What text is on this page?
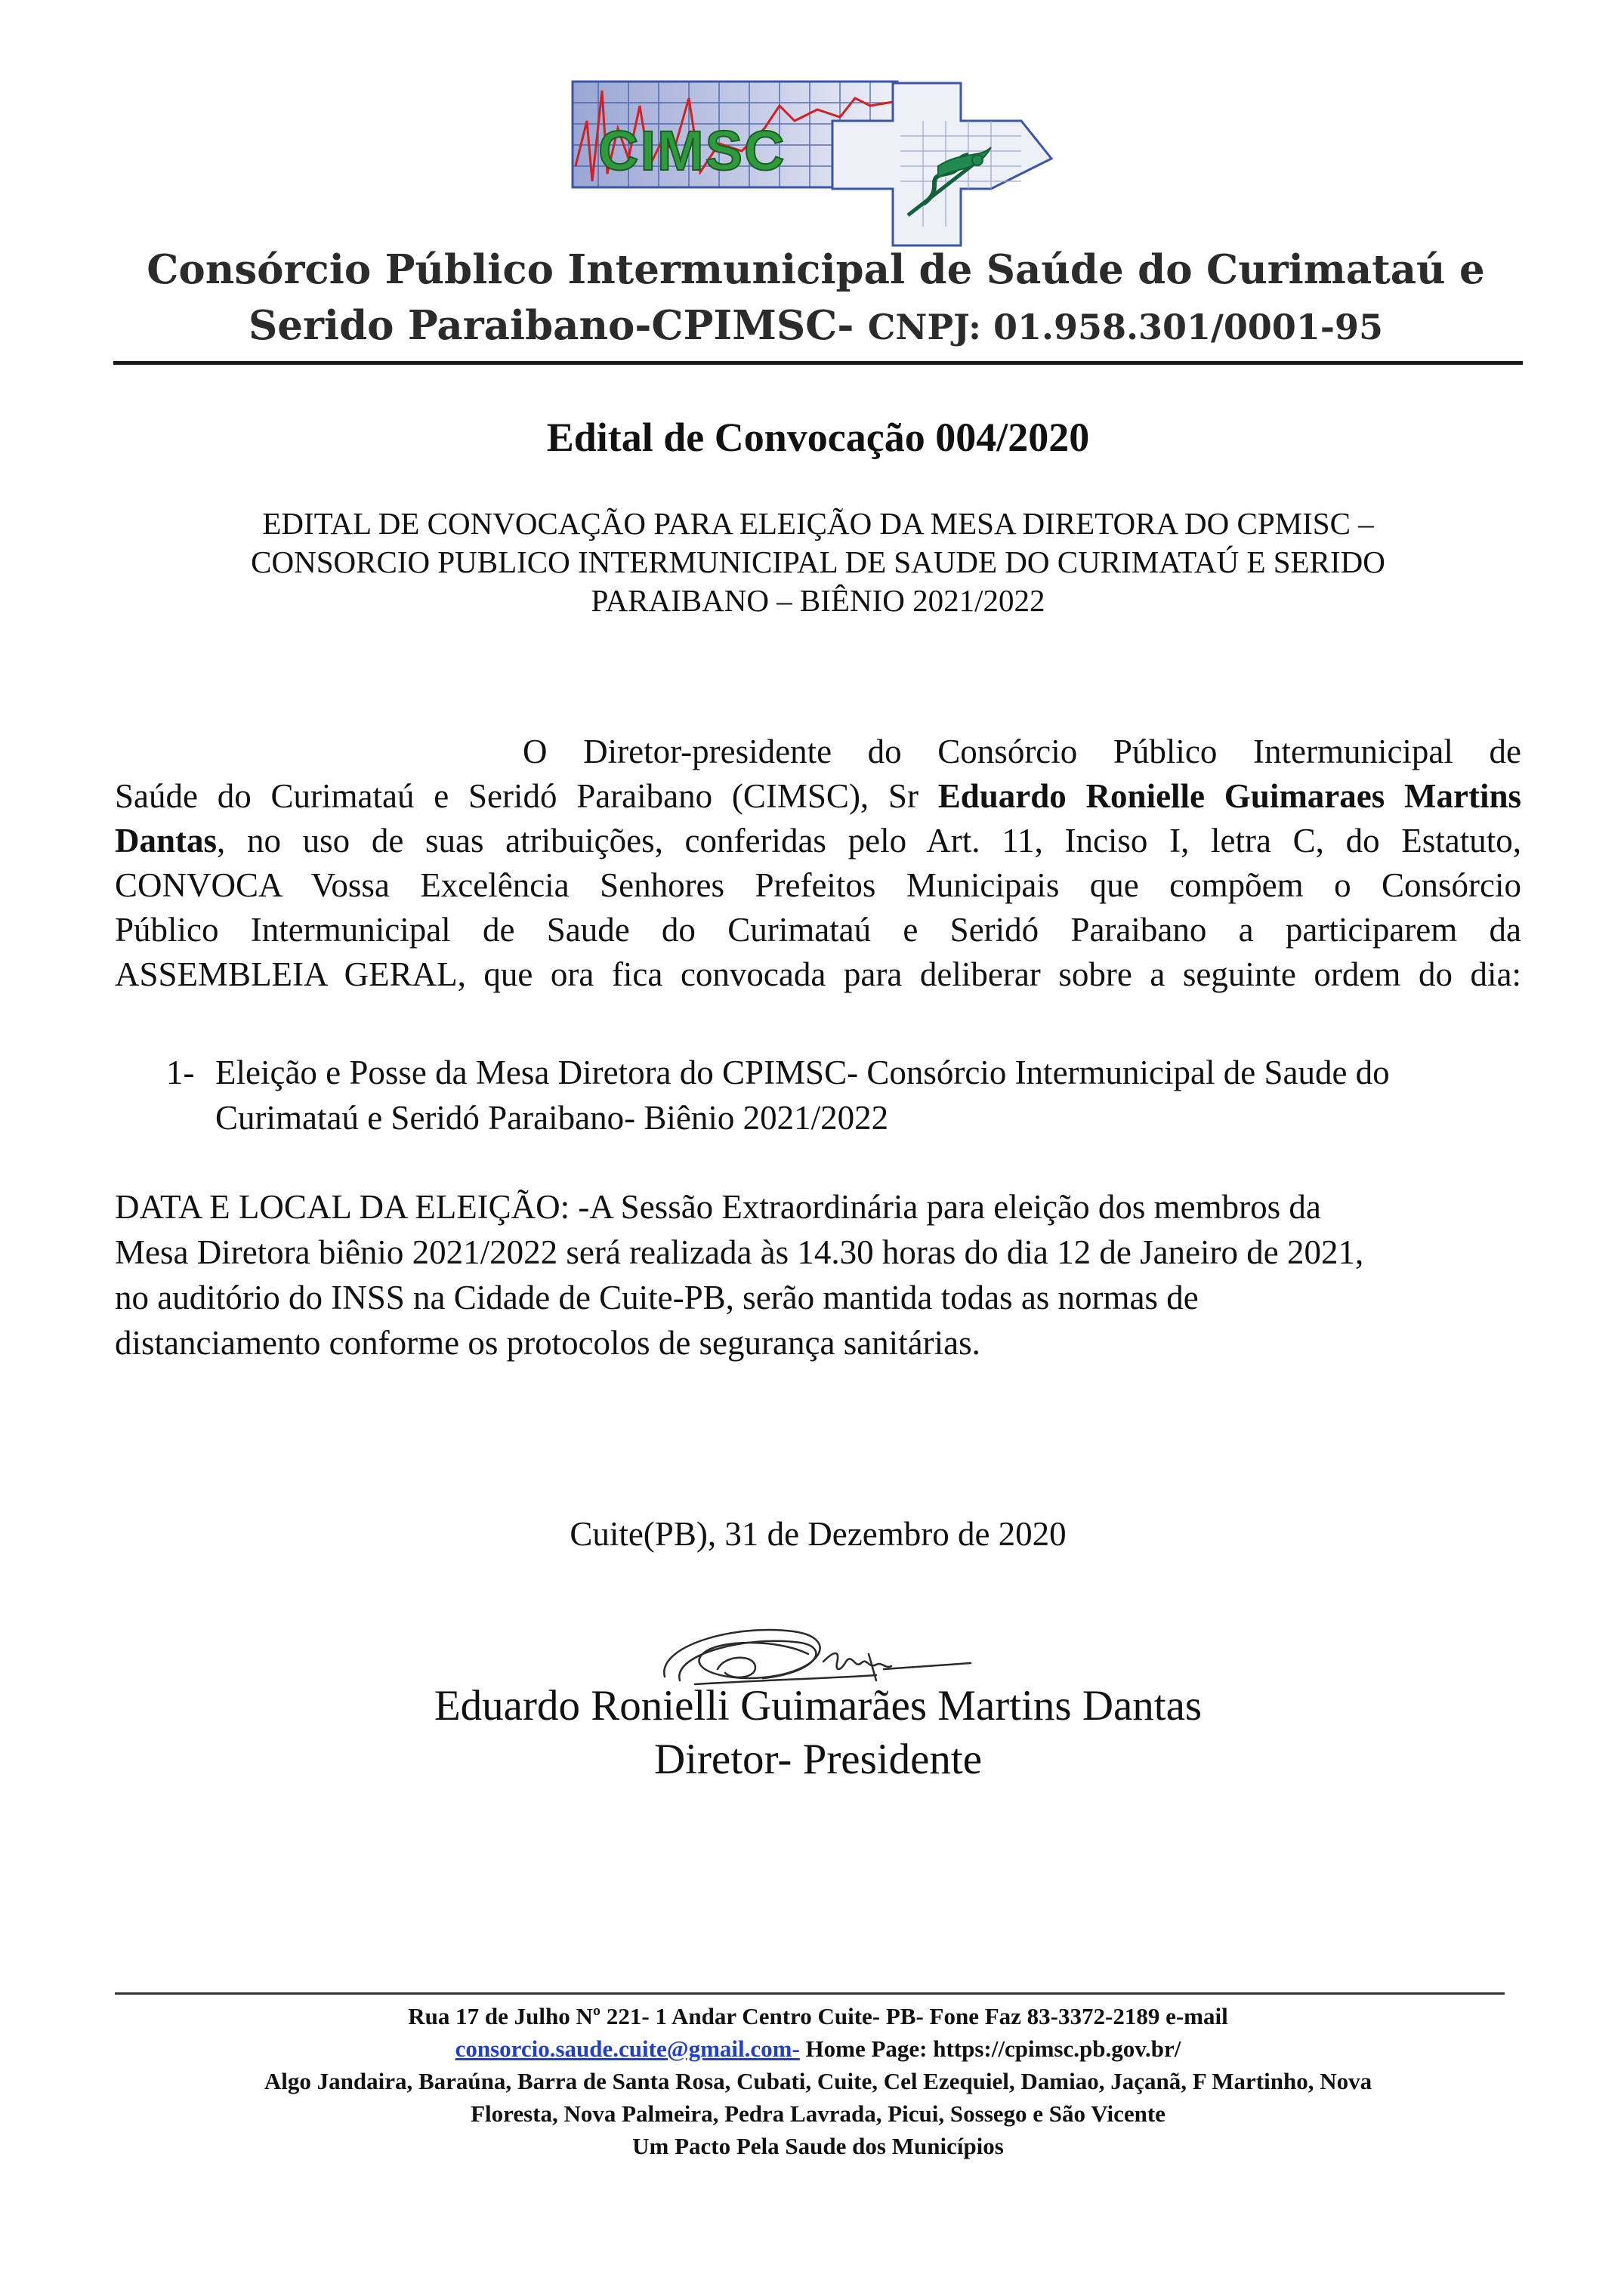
CIMSC
Consórcio Público Intermunicipal de Saúde do Curimataú e
Serido Paraibano-CPIMSC- CNPJ: 01.958.301/0001-95
Edital de Convocação 004/2020
EDITAL DE CONVOCAÇÃO PARA ELEIÇÃO DA MESA DIRETORA DO CPMISC –
CONSORCIO PUBLICO INTERMUNICIPAL DE SAUDE DO CURIMATAÚ E SERIDO
PARAIBANO – BIÊNIO 2021/2022
O Diretor-presidente do Consórcio Público Intermunicipal de
Saúde do Curimataú e Seridó Paraibano (CIMSC), Sr Eduardo Ronielle Guimaraes Martins
Dantas, no uso de suas atribuições, conferidas pelo Art. 11, Inciso I, letra C, do Estatuto,
CONVOCA Vossa Excelência Senhores Prefeitos Municipais que compõem o Consórcio
Público Intermunicipal de Saude do Curimataú e Seridó Paraibano a participarem da
ASSEMBLEIA GERAL, que ora fica convocada para deliberar sobre a seguinte ordem do dia:
1- Eleição e Posse da Mesa Diretora do CPIMSC- Consórcio Intermunicipal de Saude do
Curimataú e Seridó Paraibano- Biênio 2021/2022
DATA E LOCAL DA ELEIÇÃO: -A Sessão Extraordinária para eleição dos membros da
Mesa Diretora biênio 2021/2022 será realizada às 14.30 horas do dia 12 de Janeiro de 2021,
no auditório do INSS na Cidade de Cuite-PB, serão mantida todas as normas de
distanciamento conforme os protocolos de segurança sanitárias.
Cuite(PB), 31 de Dezembro de 2020
Eduardo Ronielli Guimarães Martins Dantas
Diretor- Presidente
Rua 17 de Julho Nº 221- 1 Andar Centro Cuite- PB- Fone Faz 83-3372-2189 e-mail
consorcio.saude.cuite@gmail.com- Home Page: https://cpimsc.pb.gov.br/
Algo Jandaira, Baraúna, Barra de Santa Rosa, Cubati, Cuite, Cel Ezequiel, Damiao, Jaçanã, F Martinho, Nova
Floresta, Nova Palmeira, Pedra Lavrada, Picui, Sossego e São Vicente
Um Pacto Pela Saude dos Municípios
